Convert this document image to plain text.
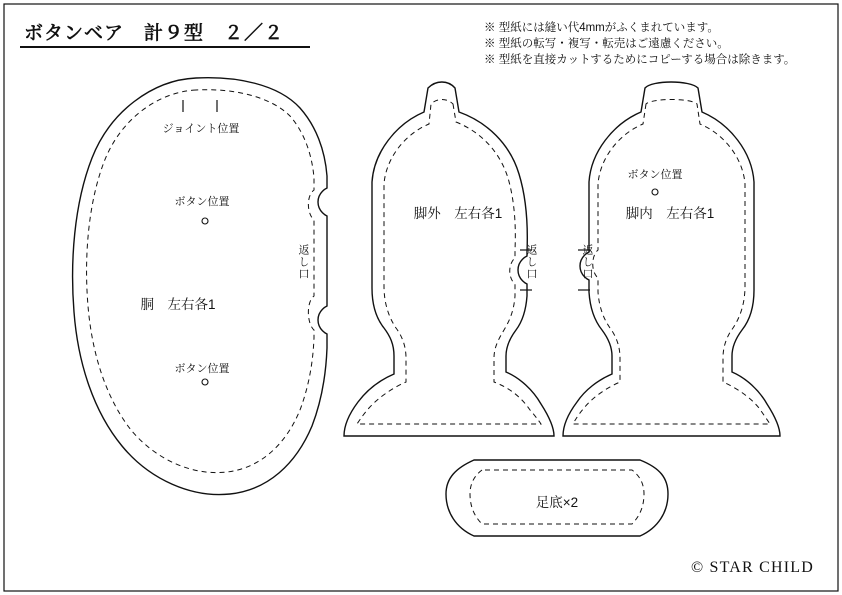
ボタンベア　計９型　２／２	※ 型紙には縫い代4mmがふくまれています。
※ 型紙の転写・複写・転売はご遠慮ください。
※ 型紙を直接カットするためにコピーする場合は除きます。
ジョイント位置
ボタン位置
ボタン位置
胴　左右各1
返し口
脚外　左右各1
返し口
脚内　左右各1
ボタン位置
返し口
足底×2
© STAR CHILD
